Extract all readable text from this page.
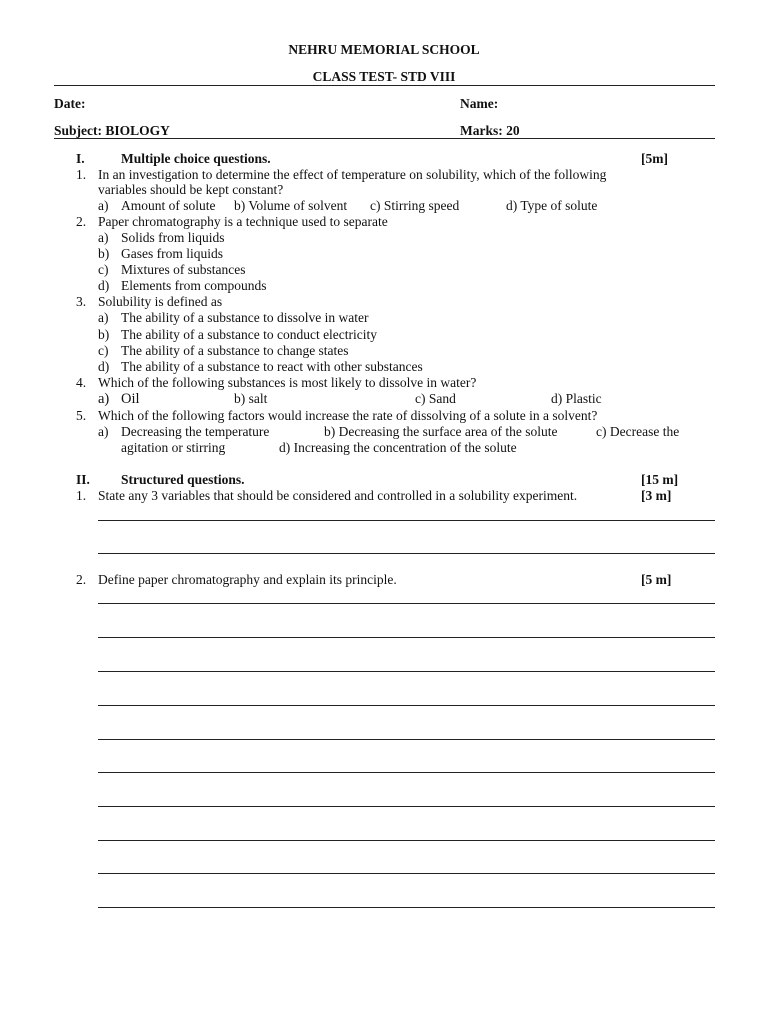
NEHRU MEMORIAL SCHOOL
CLASS TEST- STD VIII
Date:	Name:
Subject: BIOLOGY	Marks: 20
I.	Multiple choice questions.	[5m]
1. In an investigation to determine the effect of temperature on solubility, which of the following
variables should be kept constant?
a) Amount of solute b) Volume of solvent c) Stirring speed	d) Type of solute
2. Paper chromatography is a technique used to separate
a) Solids from liquids
b) Gases from liquids
c) Mixtures of substances
d) Elements from compounds
3. Solubility is defined as
a) The ability of a substance to dissolve in water
b) The ability of a substance to conduct electricity
c) The ability of a substance to change states
d) The ability of a substance to react with other substances
4. Which of the following substances is most likely to dissolve in water?
a) Oil	b) salt	c) Sand	d) Plastic
5. Which of the following factors would increase the rate of dissolving of a solute in a solvent?
a) Decreasing the temperature	b) Decreasing the surface area of the solute	c) Decrease the
agitation or stirring	d) Increasing the concentration of the solute
II. Structured questions.	[15 m]
1. State any 3 variables that should be considered and controlled in a solubility experiment.	[3 m]
2. Define paper chromatography and explain its principle.	[5 m]
